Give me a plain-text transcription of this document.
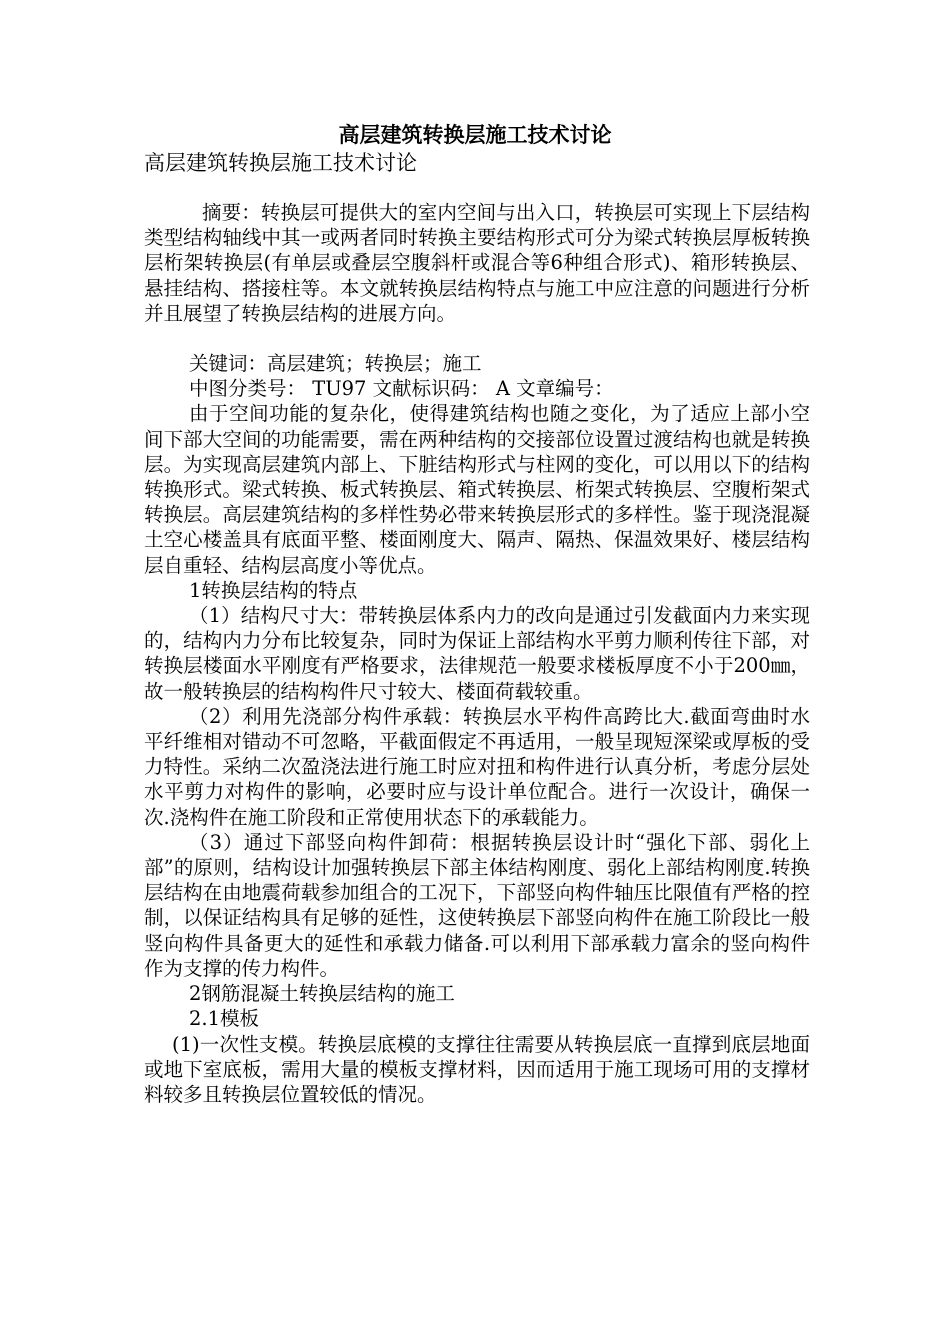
高层建筑转换层施工技术讨论
高层建筑转换层施工技术讨论

摘要：转换层可提供大的室内空间与出入口，转换层可实现上下层结构类型结构轴线中其一或两者同时转换主要结构形式可分为梁式转换层厚板转换层桁架转换层(有单层或叠层空腹斜杆或混合等6种组合形式)、箱形转换层、悬挂结构、搭接柱等。本文就转换层结构特点与施工中应注意的问题进行分析并且展望了转换层结构的进展方向。

关键词：高层建筑；转换层；施工

中图分类号： TU97 文献标识码： A 文章编号：

由于空间功能的复杂化，使得建筑结构也随之变化，为了适应上部小空间下部大空间的功能需要，需在两种结构的交接部位设置过渡结构也就是转换层。为实现高层建筑内部上、下脏结构形式与柱网的变化，可以用以下的结构转换形式。梁式转换、板式转换层、箱式转换层、桁架式转换层、空腹桁架式转换层。高层建筑结构的多样性势必带来转换层形式的多样性。鉴于现浇混凝土空心楼盖具有底面平整、楼面刚度大、隔声、隔热、保温效果好、楼层结构层自重轻、结构层高度小等优点。

1转换层结构的特点

（1）结构尺寸大：带转换层体系内力的改向是通过引发截面内力来实现的，结构内力分布比较复杂，同时为保证上部结构水平剪力顺利传往下部，对转换层楼面水平刚度有严格要求，法律规范一般要求楼板厚度不小于200㎜，故一般转换层的结构构件尺寸较大、楼面荷载较重。

（2）利用先浇部分构件承载：转换层水平构件高跨比大.截面弯曲时水平纤维相对错动不可忽略，平截面假定不再适用，一般呈现短深梁或厚板的受力特性。采纳二次盈浇法进行施工时应对扭和构件进行认真分析，考虑分层处水平剪力对构件的影响，必要时应与设计单位配合。进行一次设计，确保一次.浇构件在施工阶段和正常使用状态下的承载能力。

（3）通过下部竖向构件卸荷：根据转换层设计时“强化下部、弱化上部”的原则，结构设计加强转换层下部主体结构刚度、弱化上部结构刚度.转换层结构在由地震荷载参加组合的工况下，下部竖向构件轴压比限值有严格的控制，以保证结构具有足够的延性，这使转换层下部竖向构件在施工阶段比一般竖向构件具备更大的延性和承载力储备.可以利用下部承载力富余的竖向构件作为支撑的传力构件。

2钢筋混凝土转换层结构的施工

2.1模板

(1)一次性支模。转换层底模的支撑往往需要从转换层底一直撑到底层地面或地下室底板，需用大量的模板支撑材料，因而适用于施工现场可用的支撑材料较多且转换层位置较低的情况。
